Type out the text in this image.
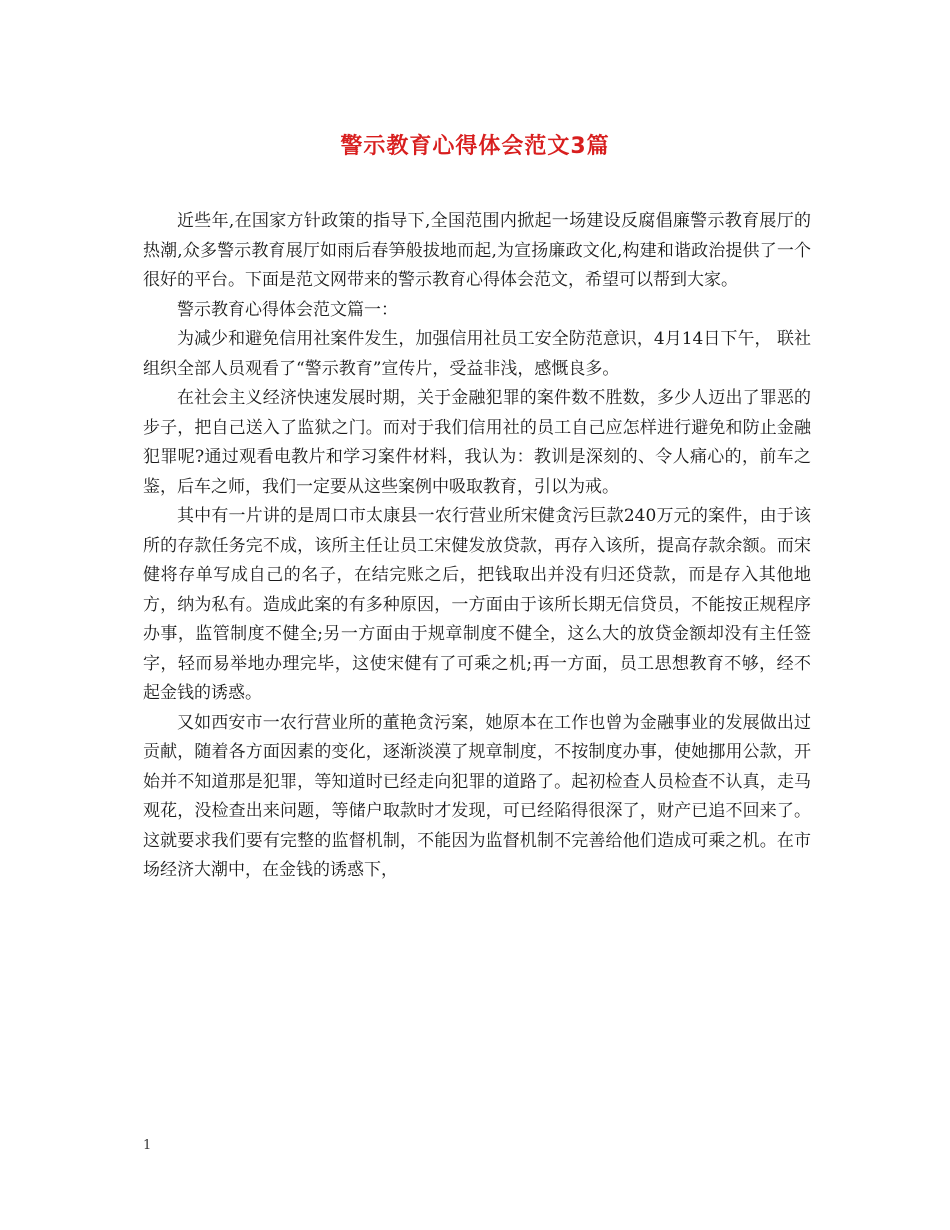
警示教育心得体会范文3篇

近些年,在国家方针政策的指导下,全国范围内掀起一场建设反腐倡廉警示教育展厅的热潮,众多警示教育展厅如雨后春笋般拔地而起,为宣扬廉政文化,构建和谐政治提供了一个很好的平台。下面是范文网带来的警示教育心得体会范文，希望可以帮到大家。

警示教育心得体会范文篇一：

为减少和避免信用社案件发生，加强信用社员工安全防范意识，4月14日下午， 联社组织全部人员观看了“警示教育”宣传片，受益非浅，感慨良多。

在社会主义经济快速发展时期，关于金融犯罪的案件数不胜数，多少人迈出了罪恶的步子，把自己送入了监狱之门。而对于我们信用社的员工自己应怎样进行避免和防止金融犯罪呢?通过观看电教片和学习案件材料，我认为：教训是深刻的、令人痛心的，前车之鉴，后车之师，我们一定要从这些案例中吸取教育，引以为戒。

其中有一片讲的是周口市太康县一农行营业所宋健贪污巨款240万元的案件，由于该所的存款任务完不成，该所主任让员工宋健发放贷款，再存入该所，提高存款余额。而宋健将存单写成自己的名子，在结完账之后，把钱取出并没有归还贷款，而是存入其他地方，纳为私有。造成此案的有多种原因，一方面由于该所长期无信贷员，不能按正规程序办事，监管制度不健全;另一方面由于规章制度不健全，这么大的放贷金额却没有主任签字，轻而易举地办理完毕，这使宋健有了可乘之机;再一方面，员工思想教育不够，经不起金钱的诱惑。

又如西安市一农行营业所的董艳贪污案，她原本在工作也曾为金融事业的发展做出过贡献，随着各方面因素的变化，逐渐淡漠了规章制度，不按制度办事，使她挪用公款，开始并不知道那是犯罪，等知道时已经走向犯罪的道路了。起初检查人员检查不认真，走马观花，没检查出来问题，等储户取款时才发现，可已经陷得很深了，财产已追不回来了。这就要求我们要有完整的监督机制，不能因为监督机制不完善给他们造成可乘之机。在市场经济大潮中，在金钱的诱惑下，

1
